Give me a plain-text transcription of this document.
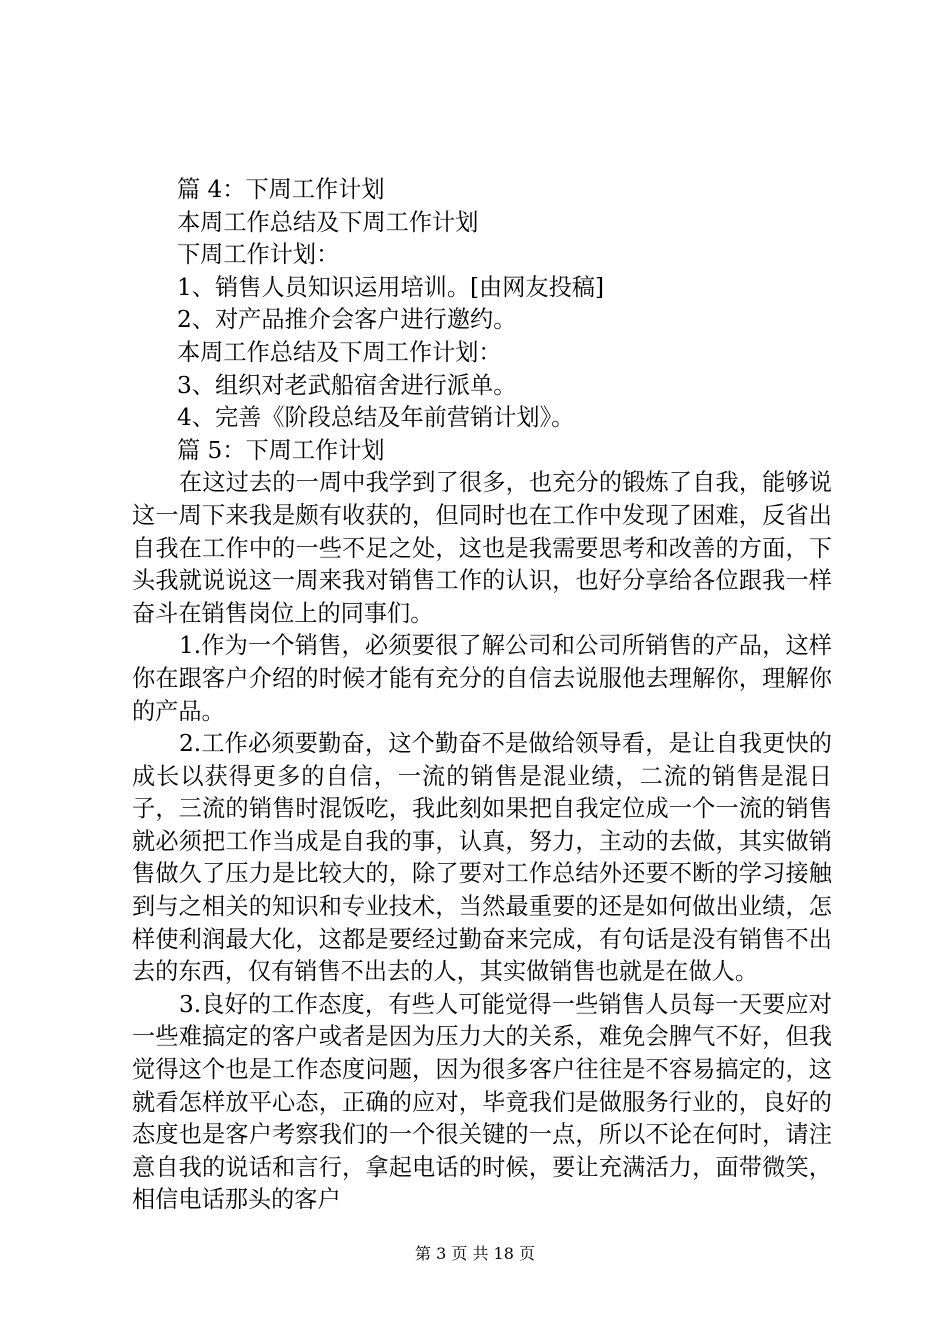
篇 4：下周工作计划

本周工作总结及下周工作计划

下周工作计划：

1、销售人员知识运用培训。[由网友投稿]

2、对产品推介会客户进行邀约。

本周工作总结及下周工作计划：

3、组织对老武船宿舍进行派单。

4、完善《阶段总结及年前营销计划》。

篇 5：下周工作计划

在这过去的一周中我学到了很多，也充分的锻炼了自我，能够说这一周下来我是颇有收获的，但同时也在工作中发现了困难，反省出自我在工作中的一些不足之处，这也是我需要思考和改善的方面，下头我就说说这一周来我对销售工作的认识，也好分享给各位跟我一样奋斗在销售岗位上的同事们。

1.作为一个销售，必须要很了解公司和公司所销售的产品，这样你在跟客户介绍的时候才能有充分的自信去说服他去理解你，理解你的产品。

2.工作必须要勤奋，这个勤奋不是做给领导看，是让自我更快的成长以获得更多的自信，一流的销售是混业绩，二流的销售是混日子，三流的销售时混饭吃，我此刻如果把自我定位成一个一流的销售就必须把工作当成是自我的事，认真，努力，主动的去做，其实做销售做久了压力是比较大的，除了要对工作总结外还要不断的学习接触到与之相关的知识和专业技术，当然最重要的还是如何做出业绩，怎样使利润最大化，这都是要经过勤奋来完成，有句话是没有销售不出去的东西，仅有销售不出去的人，其实做销售也就是在做人。

3.良好的工作态度，有些人可能觉得一些销售人员每一天要应对一些难搞定的客户或者是因为压力大的关系，难免会脾气不好，但我觉得这个也是工作态度问题，因为很多客户往往是不容易搞定的，这就看怎样放平心态，正确的应对，毕竟我们是做服务行业的，良好的态度也是客户考察我们的一个很关键的一点，所以不论在何时，请注意自我的说话和言行，拿起电话的时候，要让充满活力，面带微笑，相信电话那头的客户

第 3 页 共 18 页
